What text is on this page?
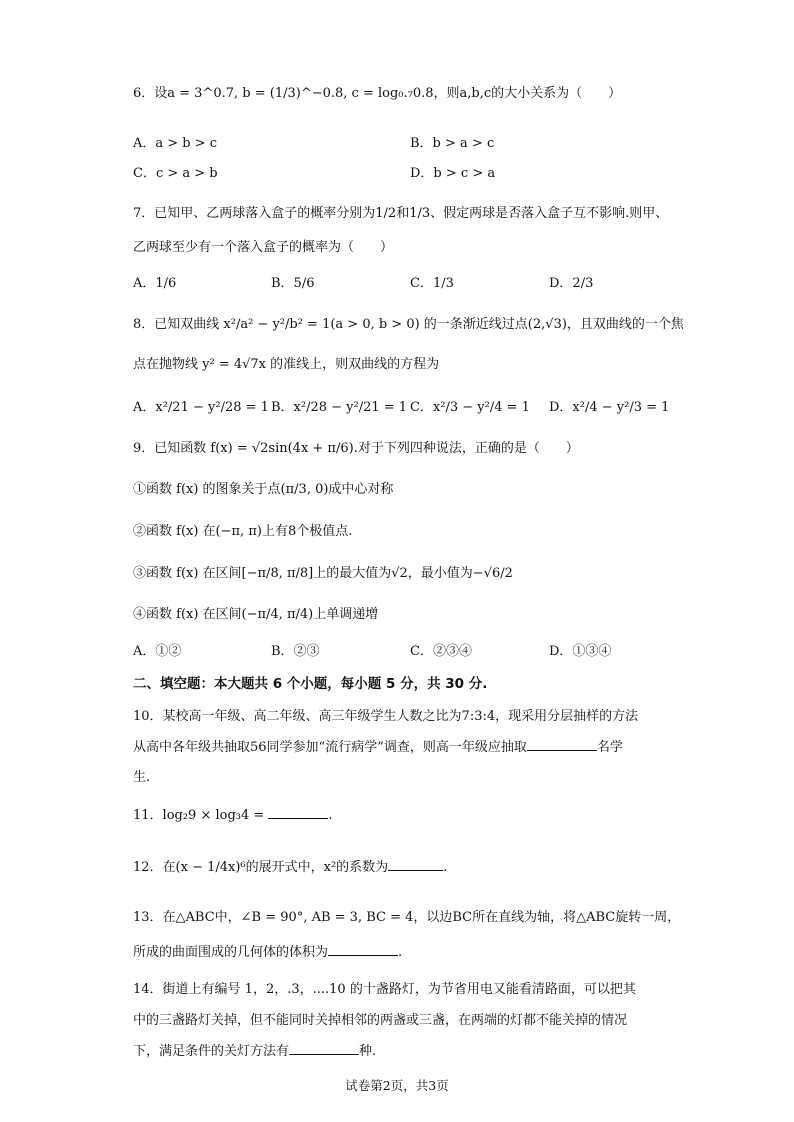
6．设a = 3^0.7, b = (1/3)^−0.8, c = log₀.₇0.8，则a,b,c的大小关系为（　　）
A．a > b > c	B．b > a > c
C．c > a > b	D．b > c > a
7．已知甲、乙两球落入盒子的概率分别为1/2和1/3、假定两球是否落入盒子互不影响.则甲、
乙两球至少有一个落入盒子的概率为（　　）
A．1/6	B．5/6	C．1/3	D．2/3
8．已知双曲线 x²/a² − y²/b² = 1(a > 0, b > 0) 的一条渐近线过点(2,√3)，且双曲线的一个焦
点在抛物线 y² = 4√7x 的准线上，则双曲线的方程为
A．x²/21 − y²/28 = 1 B．x²/28 − y²/21 = 1 C．x²/3 − y²/4 = 1 D．x²/4 − y²/3 = 1
9．已知函数 f(x) = √2sin(4x + π/6).对于下列四种说法，正确的是（　　）
①函数 f(x) 的图象关于点(π/3, 0)成中心对称
②函数 f(x) 在(−π, π)上有8个极值点.
③函数 f(x) 在区间[−π/8, π/8]上的最大值为√2，最小值为−√6/2
④函数 f(x) 在区间(−π/4, π/4)上单调递增
A．①②	B．②③	C．②③④	D．①③④
二、填空题：本大题共 6 个小题，每小题 5 分，共 30 分.
10．某校高一年级、高二年级、高三年级学生人数之比为7:3:4，现采用分层抽样的方法
从高中各年级共抽取56同学参加“流行病学”调查，则高一年级应抽取	名学
生.
11．log₂9 × log₃4 =	.
12．在(x − 1/4x)⁶的展开式中，x²的系数为	.
13．在△ABC中，∠B = 90°, AB = 3, BC = 4，以边BC所在直线为轴，将△ABC旋转一周，
所成的曲面围成的几何体的体积为	.
14．街道上有编号 1，2，.3，....10 的十盏路灯，为节省用电又能看清路面，可以把其
中的三盏路灯关掉，但不能同时关掉相邻的两盏或三盏，在两端的灯都不能关掉的情况
下，满足条件的关灯方法有	种.
试卷第2页，共3页
